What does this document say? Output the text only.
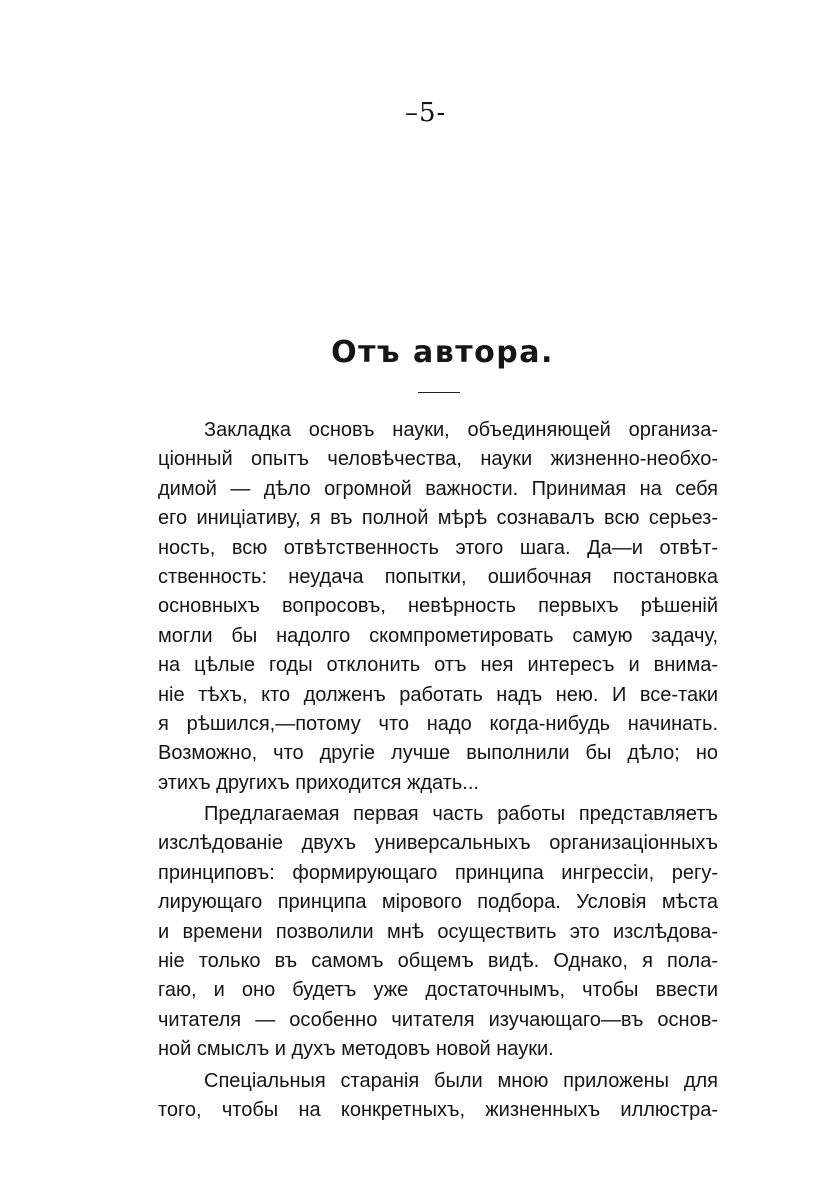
–5-
Отъ автора.
Закладка основъ науки, объединяющей организа-
ціонный опытъ человѣчества, науки жизненно-необхо-
димой — дѣло огромной важности. Принимая на себя
его иниціативу, я въ полной мѣрѣ сознавалъ всю серьез-
ность, всю отвѣтственность этого шага. Да—и отвѣт-
ственность: неудача попытки, ошибочная постановка
основныхъ вопросовъ, невѣрность первыхъ рѣшеній
могли бы надолго скомпрометировать самую задачу,
на цѣлые годы отклонить отъ нея интересъ и внима-
ніе тѣхъ, кто долженъ работать надъ нею. И все-таки
я рѣшился,—потому что надо когда-нибудь начинать.
Возможно, что другіе лучше выполнили бы дѣло; но
этихъ другихъ приходится ждать...
Предлагаемая первая часть работы представляетъ
изслѣдованіе двухъ универсальныхъ организаціонныхъ
принциповъ: формирующаго принципа ингрессіи, регу-
лирующаго принципа мірового подбора. Условія мѣста
и времени позволили мнѣ осуществить это изслѣдова-
ніе только въ самомъ общемъ видѣ. Однако, я пола-
гаю, и оно будетъ уже достаточнымъ, чтобы ввести
читателя — особенно читателя изучающаго—въ основ-
ной смыслъ и духъ методовъ новой науки.
Спеціальныя старанія были мною приложены для
того, чтобы на конкретныхъ, жизненныхъ иллюстра-
